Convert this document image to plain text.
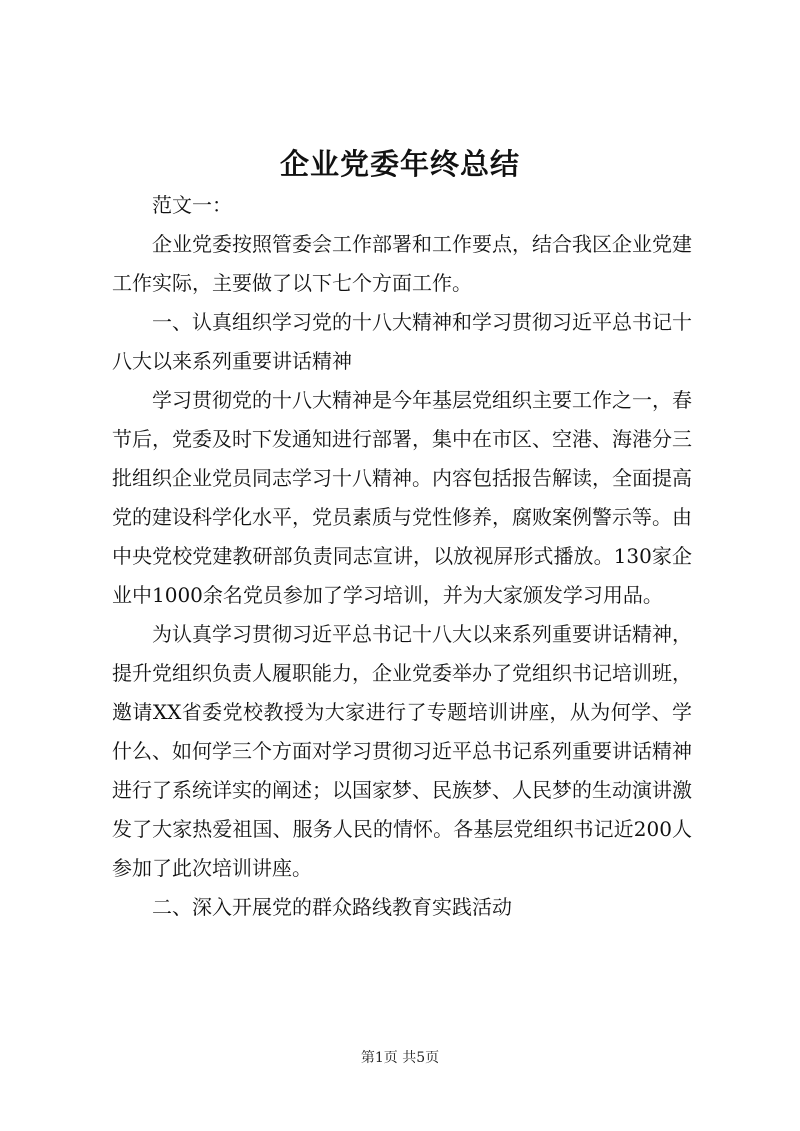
企业党委年终总结

范文一：

企业党委按照管委会工作部署和工作要点，结合我区企业党建工作实际，主要做了以下七个方面工作。

一、认真组织学习党的十八大精神和学习贯彻习近平总书记十八大以来系列重要讲话精神

学习贯彻党的十八大精神是今年基层党组织主要工作之一，春节后，党委及时下发通知进行部署，集中在市区、空港、海港分三批组织企业党员同志学习十八精神。内容包括报告解读，全面提高党的建设科学化水平，党员素质与党性修养，腐败案例警示等。由中央党校党建教研部负责同志宣讲，以放视屏形式播放。130家企业中1000余名党员参加了学习培训，并为大家颁发学习用品。

为认真学习贯彻习近平总书记十八大以来系列重要讲话精神，提升党组织负责人履职能力，企业党委举办了党组织书记培训班，邀请XX省委党校教授为大家进行了专题培训讲座，从为何学、学什么、如何学三个方面对学习贯彻习近平总书记系列重要讲话精神进行了系统详实的阐述；以国家梦、民族梦、人民梦的生动演讲激发了大家热爱祖国、服务人民的情怀。各基层党组织书记近200人参加了此次培训讲座。

二、深入开展党的群众路线教育实践活动

第1页 共5页
